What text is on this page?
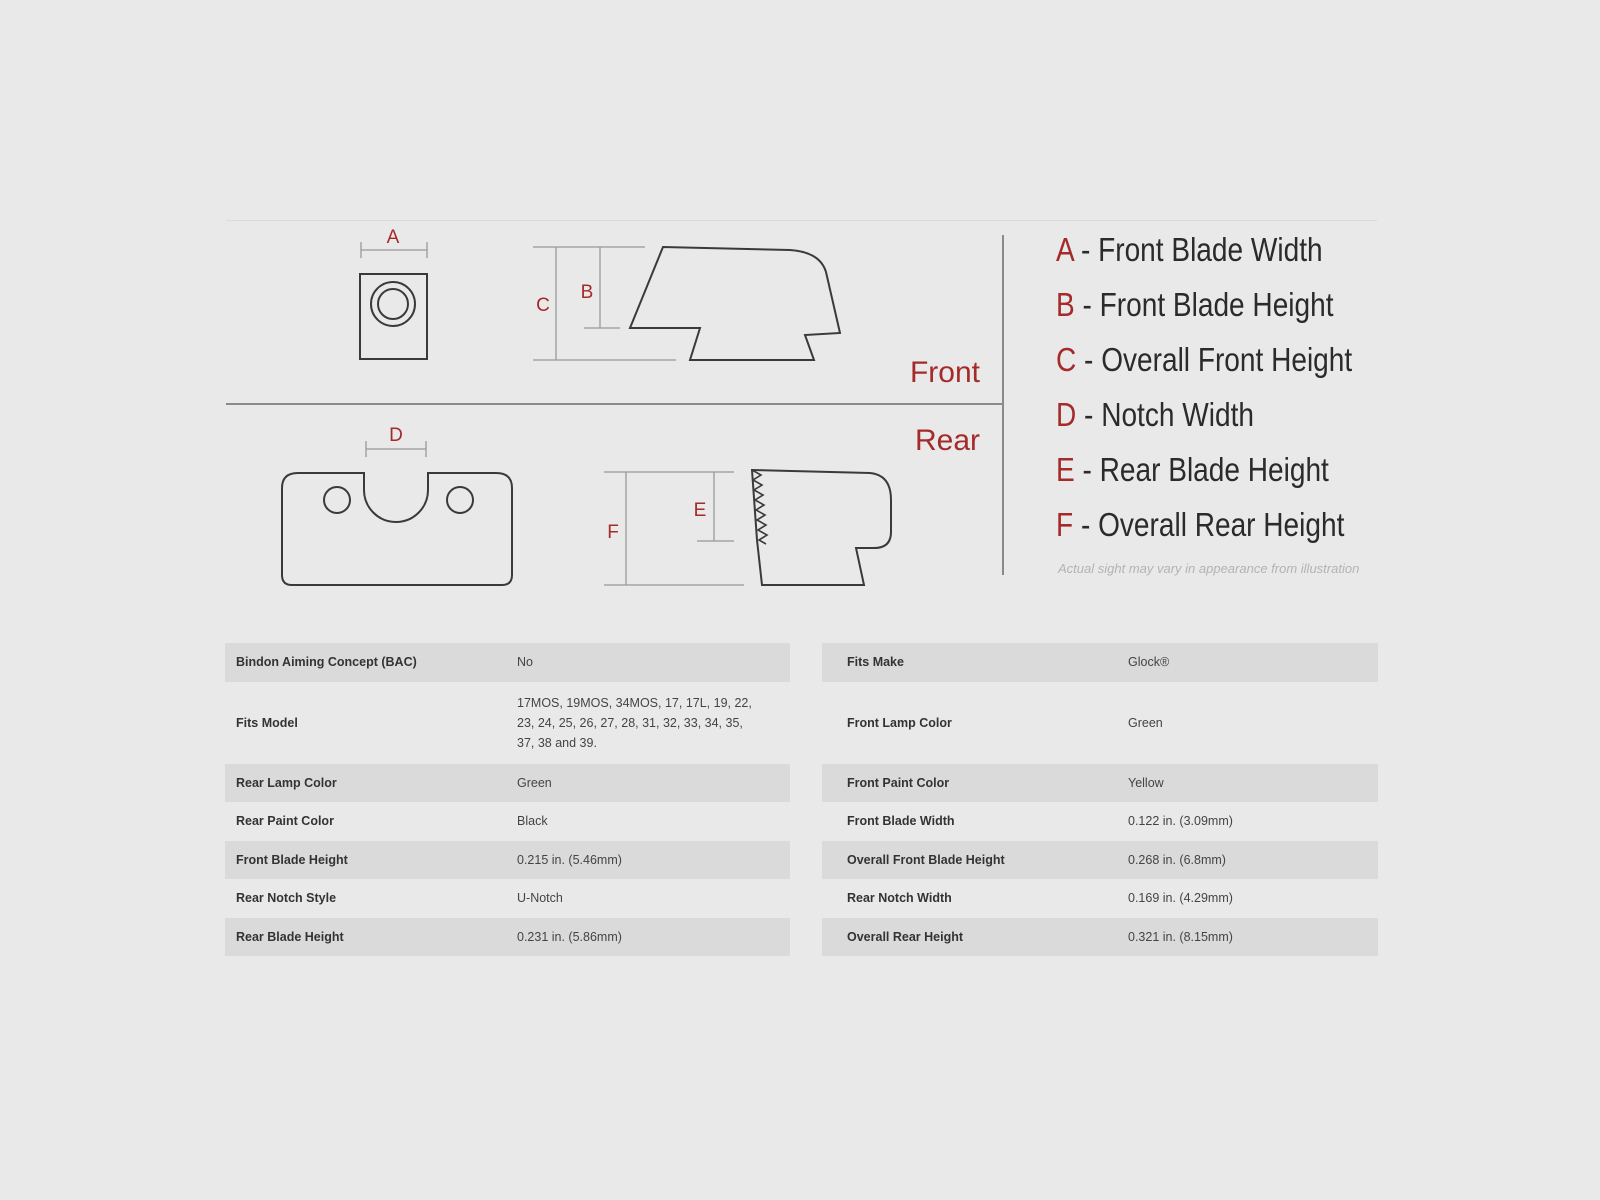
A
C
B
D
F
E
Front
Rear
A - Front Blade Width
B - Front Blade Height
C - Overall Front Height
D - Notch Width
E - Rear Blade Height
F - Overall Rear Height
Actual sight may vary in appearance from illustration
Bindon Aiming Concept (BAC)	No
Fits Model	17MOS, 19MOS, 34MOS, 17, 17L, 19, 22,
23, 24, 25, 26, 27, 28, 31, 32, 33, 34, 35,
37, 38 and 39.

Rear Lamp Color	Green
Rear Paint Color	Black
Front Blade Height	0.215 in. (5.46mm)
Rear Notch Style	U-Notch
Rear Blade Height	0.231 in. (5.86mm)
Fits Make	Glock®
Front Lamp Color	Green
Front Paint Color	Yellow
Front Blade Width	0.122 in. (3.09mm)
Overall Front Blade Height	0.268 in. (6.8mm)
Rear Notch Width	0.169 in. (4.29mm)
Overall Rear Height	0.321 in. (8.15mm)
